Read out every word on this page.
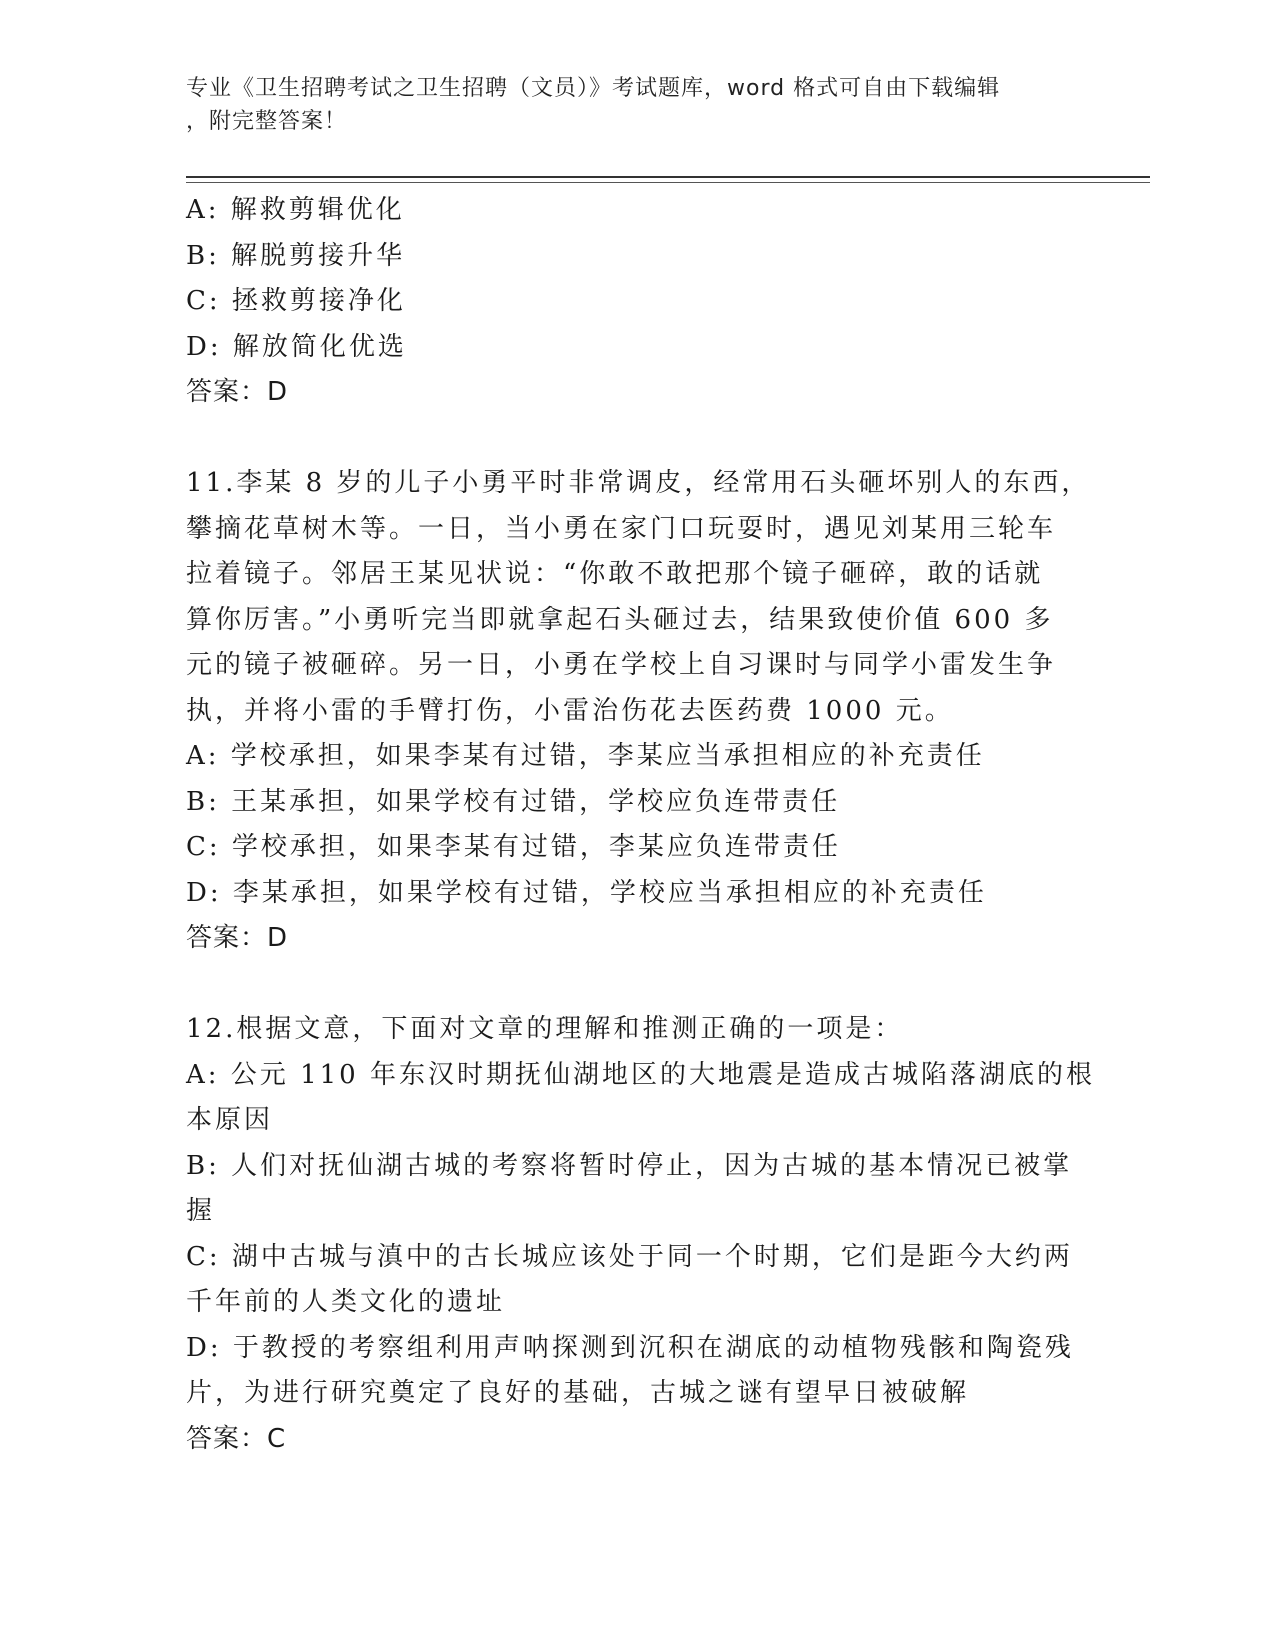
专业《卫生招聘考试之卫生招聘（文员）》考试题库，word 格式可自由下载编辑
，附完整答案！
A: 解救剪辑优化
B: 解脱剪接升华
C: 拯救剪接净化
D: 解放简化优选
答案：D
11.李某 8 岁的儿子小勇平时非常调皮，经常用石头砸坏别人的东西，
攀摘花草树木等。一日，当小勇在家门口玩耍时，遇见刘某用三轮车
拉着镜子。邻居王某见状说：“你敢不敢把那个镜子砸碎，敢的话就
算你厉害。”小勇听完当即就拿起石头砸过去，结果致使价值 600 多
元的镜子被砸碎。另一日，小勇在学校上自习课时与同学小雷发生争
执，并将小雷的手臂打伤，小雷治伤花去医药费 1000 元。
A: 学校承担，如果李某有过错，李某应当承担相应的补充责任
B: 王某承担，如果学校有过错，学校应负连带责任
C: 学校承担，如果李某有过错，李某应负连带责任
D: 李某承担，如果学校有过错，学校应当承担相应的补充责任
答案：D
12.根据文意，下面对文章的理解和推测正确的一项是：
A: 公元 110 年东汉时期抚仙湖地区的大地震是造成古城陷落湖底的根
本原因
B: 人们对抚仙湖古城的考察将暂时停止，因为古城的基本情况已被掌
握
C: 湖中古城与滇中的古长城应该处于同一个时期，它们是距今大约两
千年前的人类文化的遗址
D: 于教授的考察组利用声呐探测到沉积在湖底的动植物残骸和陶瓷残
片，为进行研究奠定了良好的基础，古城之谜有望早日被破解
答案：C
